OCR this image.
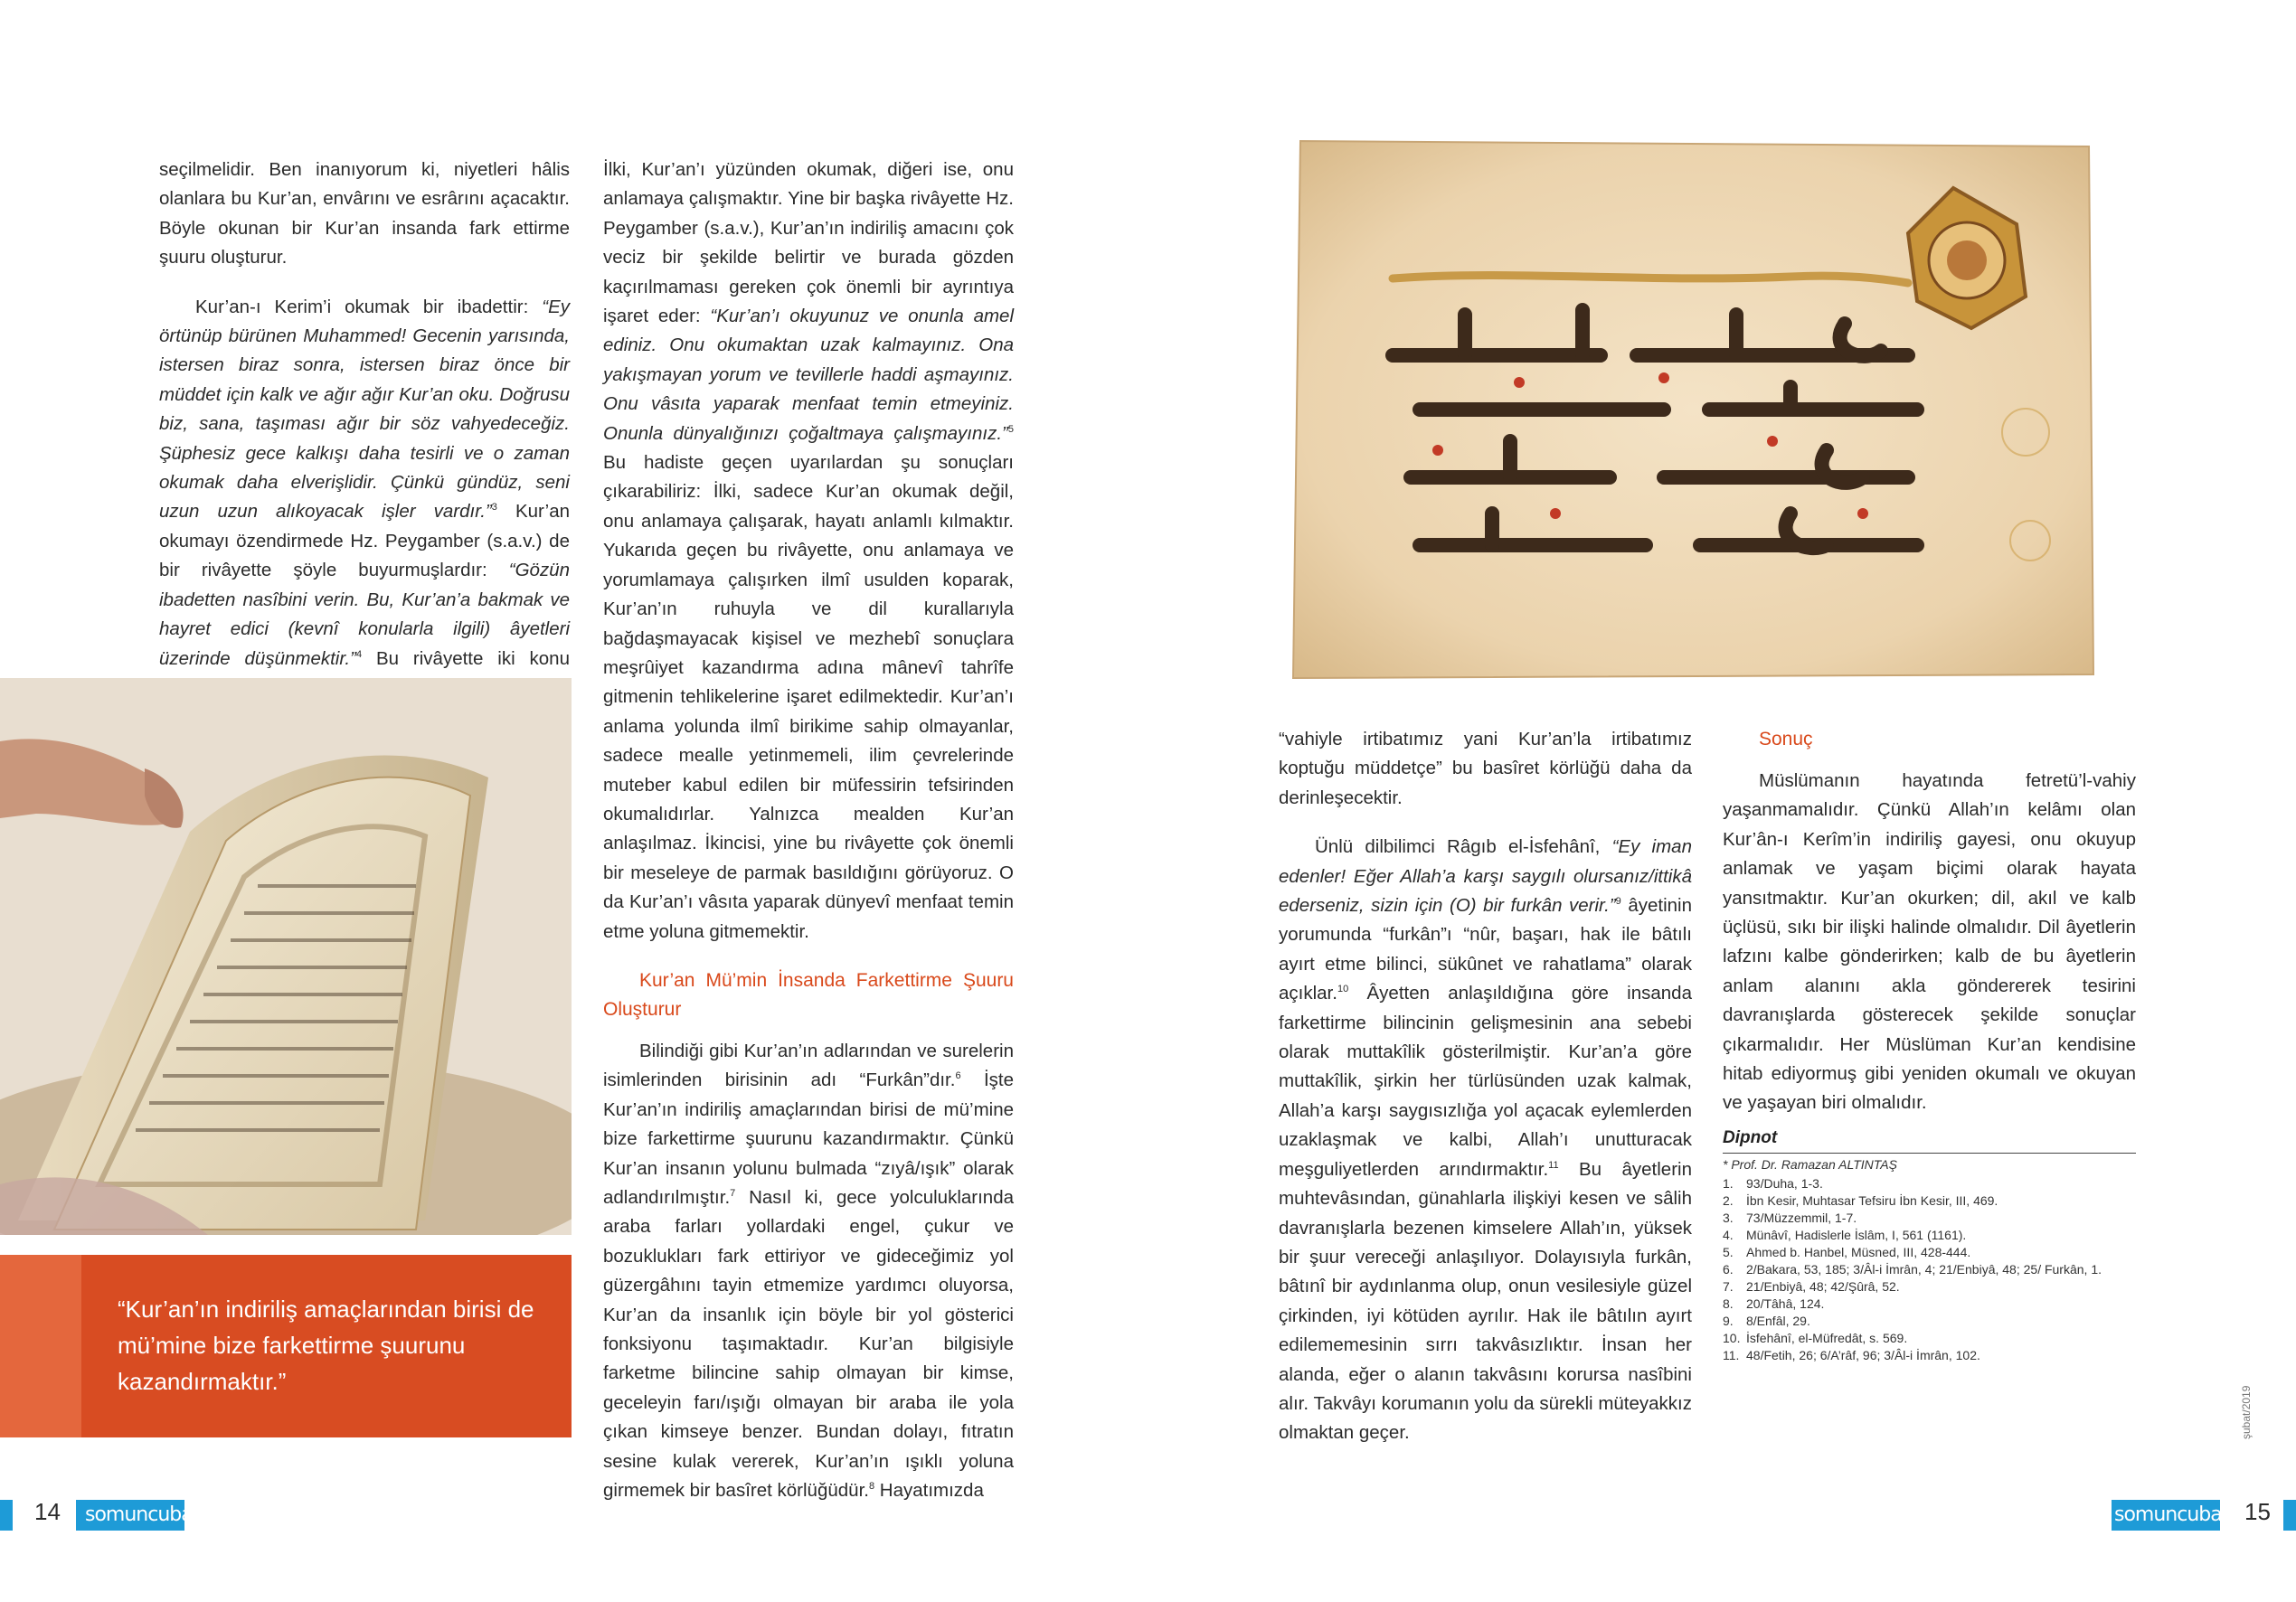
seçilmelidir. Ben inanıyorum ki, niyetleri hâlis olanlara bu Kur’an, envârını ve esrârını açacaktır. Böyle okunan bir Kur’an insanda fark ettirme şuuru oluşturur.

Kur’an-ı Kerim’i okumak bir ibadettir: “Ey örtünüp bürünen Muhammed! Gecenin yarısında, istersen biraz sonra, istersen biraz önce bir müddet için kalk ve ağır ağır Kur’an oku. Doğrusu biz, sana, taşıması ağır bir söz vahyedeceğiz. Şüphesiz gece kalkışı daha tesirli ve o zaman okumak daha elverişlidir. Çünkü gündüz, seni uzun uzun alıkoyacak işler vardır.”$^3$ Kur’an okumayı özendirmede Hz. Peygamber (s.a.v.) de bir rivâyette şöyle buyurmuşlardır: “Gözün ibadetten nasîbini verin. Bu, Kur’an’a bakmak ve hayret edici (kevnî konularla ilgili) âyetleri üzerinde düşünmektir.”$^4$ Bu rivâyette iki konu

“Kur’an’ın indiriliş amaçlarından birisi de mü’mine bize farkettirme şuurunu kazandırmaktır.”

İlki, Kur’an’ı yüzünden okumak, diğeri ise, onu anlamaya çalışmaktır. Yine bir başka rivâyette Hz. Peygamber (s.a.v.), Kur’an’ın indiriliş amacını çok veciz bir şekilde belirtir ve burada gözden kaçırılmaması gereken çok önemli bir ayrıntıya işaret eder: “Kur’an’ı okuyunuz ve onunla amel ediniz. Onu okumaktan uzak kalmayınız. Ona yakışmayan yorum ve tevillerle haddi aşmayınız. Onu vâsıta yaparak menfaat temin etmeyiniz. Onunla dünyalığınızı çoğaltmaya çalışmayınız.”$^5$ Bu hadiste geçen uyarılardan şu sonuçları çıkarabiliriz: İlki, sadece Kur’an okumak değil, onu anlamaya çalışarak, hayatı anlamlı kılmaktır. Yukarıda geçen bu rivâyette, onu anlamaya ve yorumlamaya çalışırken ilmî usulden koparak, Kur’an’ın ruhuyla ve dil kurallarıyla bağdaşmayacak kişisel ve mezhebî sonuçlara meşrûiyet kazandırma adına mânevî tahrîfe gitmenin tehlikelerine işaret edilmektedir. Kur’an’ı anlama yolunda ilmî birikime sahip olmayanlar, sadece mealle yetinmemeli, ilim çevrelerinde muteber kabul edilen bir müfessirin tefsirinden okumalıdırlar. Yalnızca mealden Kur’an anlaşılmaz. İkincisi, yine bu rivâyette çok önemli bir meseleye de parmak basıldığını görüyoruz. O da Kur’an’ı vâsıta yaparak dünyevî menfaat temin etme yoluna gitmemektir.

Kur’an Mü’min İnsanda Farkettirme Şuuru Oluşturur

Bilindiği gibi Kur’an’ın adlarından ve surelerin isimlerinden birisinin adı “Furkân”dır.$^6$ İşte Kur’an’ın indiriliş amaçlarından birisi de mü’mine bize farkettirme şuurunu kazandırmaktır. Çünkü Kur’an insanın yolunu bulmada “zıyâ/ışık” olarak adlandırılmıştır.$^7$ Nasıl ki, gece yolculuklarında araba farları yollardaki engel, çukur ve bozuklukları fark ettiriyor ve gideceğimiz yol güzergâhını tayin etmemize yardımcı oluyorsa, Kur’an da insanlık için böyle bir yol gösterici fonksiyonu taşımaktadır. Kur’an bilgisiyle farketme bilincine sahip olmayan bir kimse, geceleyin farı/ışığı olmayan bir araba ile yola çıkan kimseye benzer. Bundan dolayı, fıtratın sesine kulak vererek, Kur’an’ın ışıklı yoluna girmemek bir basîret körlüğüdür.$^8$ Hayatımızda

“vahiyle irtibatımız yani Kur’an’la irtibatımız koptuğu müddetçe” bu basîret körlüğü daha da derinleşecektir.

Ünlü dilbilimci Râgıb el-İsfehânî, “Ey iman edenler! Eğer Allah’a karşı saygılı olursanız/ittikâ ederseniz, sizin için (O) bir furkân verir.”$^9$ âyetinin yorumunda “furkân”ı “nûr, başarı, hak ile bâtılı ayırt etme bilinci, sükûnet ve rahatlama” olarak açıklar.$^{10}$ Âyetten anlaşıldığına göre insanda farkettirme bilincinin gelişmesinin ana sebebi olarak muttakîlik gösterilmiştir. Kur’an’a göre muttakîlik, şirkin her türlüsünden uzak kalmak, Allah’a karşı saygısızlığa yol açacak eylemlerden uzaklaşmak ve kalbi, Allah’ı unutturacak meşguliyetlerden arındırmaktır.$^{11}$ Bu âyetlerin muhtevâsından, günahlarla ilişkiyi kesen ve sâlih davranışlarla bezenen kimselere Allah’ın, yüksek bir şuur vereceği anlaşılıyor. Dolayısıyla furkân, bâtınî bir aydınlanma olup, onun vesilesiyle güzel çirkinden, iyi kötüden ayrılır. Hak ile bâtılın ayırt edilememesinin sırrı takvâsızlıktır. İnsan her alanda, eğer o alanın takvâsını korursa nasîbini alır. Takvâyı korumanın yolu da sürekli müteyakkız olmaktan geçer.

Sonuç

Müslümanın hayatında fetretü’l-vahiy yaşanmamalıdır. Çünkü Allah’ın kelâmı olan Kur’ân-ı Kerîm’in indiriliş gayesi, onu okuyup anlamak ve yaşam biçimi olarak hayata yansıtmaktır. Kur’an okurken; dil, akıl ve kalb üçlüsü, sıkı bir ilişki halinde olmalıdır. Dil âyetlerin lafzını kalbe gönderirken; kalb de bu âyetlerin anlam alanını akla göndererek tesirini davranışlarda gösterecek şekilde sonuçlar çıkarmalıdır. Her Müslüman Kur’an kendisine hitab ediyormuş gibi yeniden okumalı ve okuyan ve yaşayan biri olmalıdır.

Dipnot
* Prof. Dr. Ramazan ALTINTAŞ
1.	93/Duha, 1-3.
2.	İbn Kesir, Muhtasar Tefsiru İbn Kesir, III, 469.
3.	73/Müzzemmil, 1-7.
4.	Münâvî, Hadislerle İslâm, I, 561 (1161).
5.	Ahmed b. Hanbel, Müsned, III, 428-444.
6.	2/Bakara, 53, 185; 3/Âl-i İmrân, 4; 21/Enbiyâ, 48; 25/ Furkân, 1.
7.	21/Enbiyâ, 48; 42/Şûrâ, 52.
8.	20/Tâhâ, 124.
9.	8/Enfâl, 29.
10. İsfehânî, el-Müfredât, s. 569.
11. 48/Fetih, 26; 6/A’râf, 96; 3/Âl-i İmrân, 102.
14 somuncubaba	somuncubaba 15
şubat/2019
